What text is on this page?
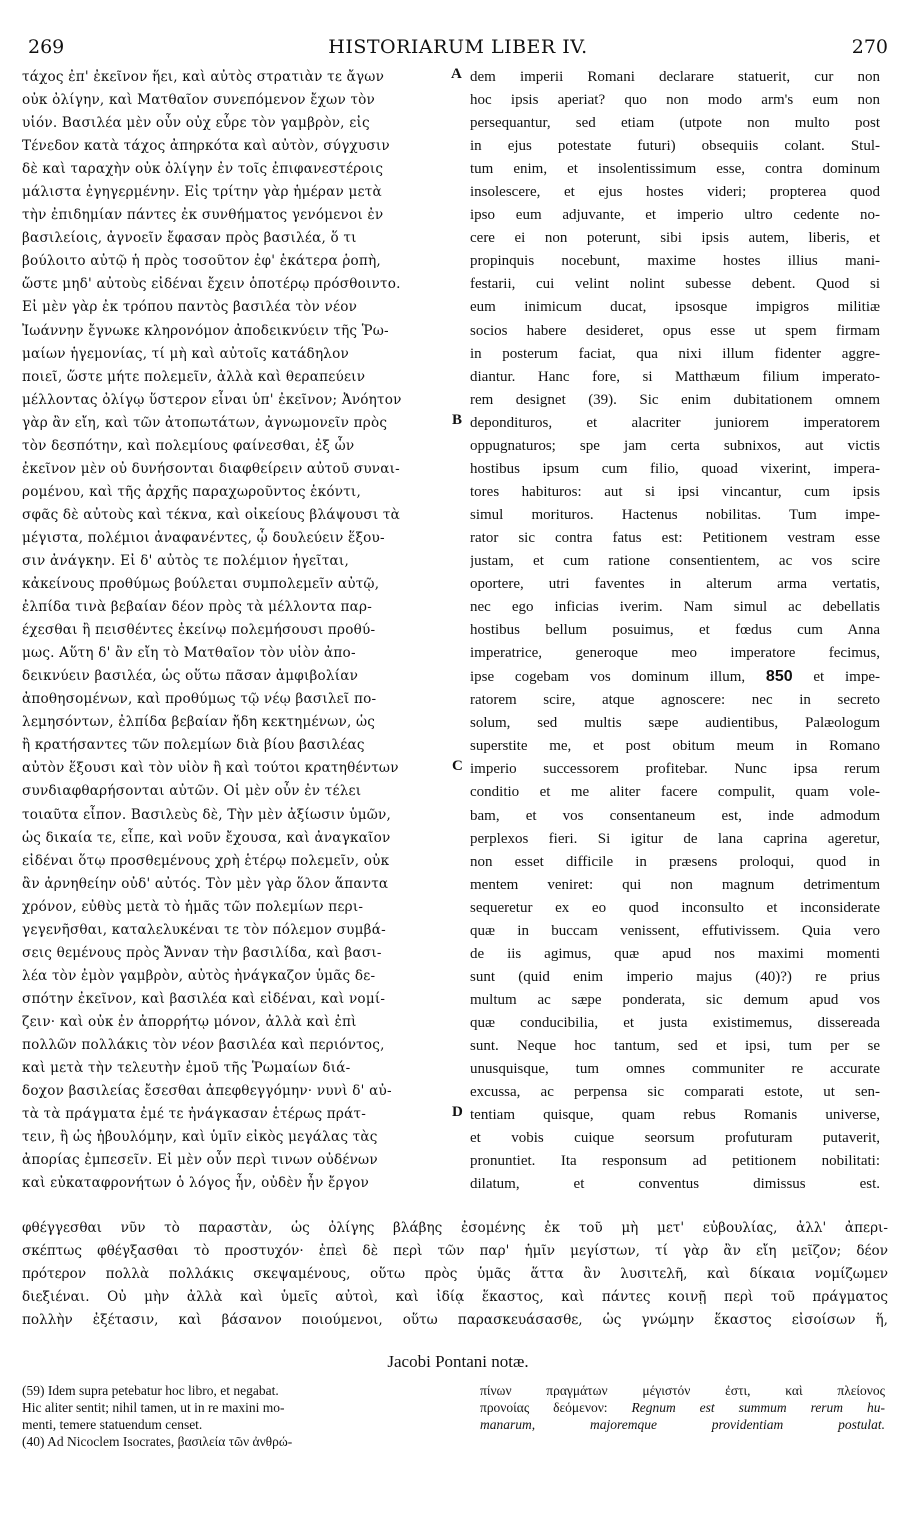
269	HISTORIARUM LIBER IV.	270
τάχος ἐπ' ἐκεῖνον ἥει, καὶ αὐτὸς στρατιὰν τε ἄγων
οὐκ ὀλίγην, καὶ Ματθαῖον συνεπόμενον ἔχων τὸν
υἱόν. Βασιλέα μὲν οὖν οὐχ εὗρε τὸν γαμβρὸν, εἰς
Τένεδον κατὰ τάχος ἀπηρκότα καὶ αὐτὸν, σύγχυσιν
δὲ καὶ ταραχὴν οὐκ ὀλίγην ἐν τοῖς ἐπιφανεστέροις
μάλιστα ἐγηγερμένην. Εἰς τρίτην γὰρ ἡμέραν μετὰ
τὴν ἐπιδημίαν πάντες ἐκ συνθήματος γενόμενοι ἐν
βασιλείοις, ἀγνοεῖν ἔφασαν πρὸς βασιλέα, ὅ τι
βούλοιτο αὐτῷ ἡ πρὸς τοσοῦτον ἐφ' ἑκάτερα ῥοπὴ,
ὥστε μηδ' αὐτοὺς εἰδέναι ἔχειν ὁποτέρῳ πρόσθοιντο.
Εἰ μὲν γὰρ ἐκ τρόπου παντὸς βασιλέα τὸν νέον
Ἰωάννην ἔγνωκε κληρονόμον ἀποδεικνύειν τῆς Ῥω-
μαίων ἡγεμονίας, τί μὴ καὶ αὐτοῖς κατάδηλον
ποιεῖ, ὥστε μήτε πολεμεῖν, ἀλλὰ καὶ θεραπεύειν
μέλλοντας ὀλίγῳ ὕστερον εἶναι ὑπ' ἐκεῖνον; Ἀνόητον
γὰρ ἂν εἴη, καὶ τῶν ἀτοπωτάτων, ἀγνωμονεῖν πρὸς
τὸν δεσπότην, καὶ πολεμίους φαίνεσθαι, ἐξ ὧν
ἐκεῖνον μὲν οὐ δυνήσονται διαφθείρειν αὐτοῦ συναι-
ρομένου, καὶ τῆς ἀρχῆς παραχωροῦντος ἑκόντι,
σφᾶς δὲ αὐτοὺς καὶ τέκνα, καὶ οἰκείους βλάψουσι τὰ
μέγιστα, πολέμιοι ἀναφανέντες, ᾧ δουλεύειν ἕξου-
σιν ἀνάγκην. Εἰ δ' αὐτὸς τε πολέμιον ἡγεῖται,
κἀκείνους προθύμως βούλεται συμπολεμεῖν αὐτῷ,
ἐλπίδα τινὰ βεβαίαν δέον πρὸς τὰ μέλλοντα παρ-
έχεσθαι ἢ πεισθέντες ἐκείνῳ πολεμήσουσι προθύ-
μως. Αὕτη δ' ἂν εἴη τὸ Ματθαῖον τὸν υἱὸν ἀπο-
δεικνύειν βασιλέα, ὡς οὕτω πᾶσαν ἀμφιβολίαν
ἀποθησομένων, καὶ προθύμως τῷ νέῳ βασιλεῖ πο-
λεμησόντων, ἐλπίδα βεβαίαν ἤδη κεκτημένων, ὡς
ἢ κρατήσαντες τῶν πολεμίων διὰ βίου βασιλέας
αὐτὸν ἕξουσι καὶ τὸν υἱὸν ἢ καὶ τούτοι κρατηθέντων
συνδιαφθαρήσονται αὐτῶν. Οἱ μὲν οὖν ἐν τέλει
τοιαῦτα εἶπον. Βασιλεὺς δὲ, Τὴν μὲν ἀξίωσιν ὑμῶν,
ὡς δικαία τε, εἶπε, καὶ νοῦν ἔχουσα, καὶ ἀναγκαῖον
εἰδέναι ὅτῳ προσθεμένους χρὴ ἑτέρῳ πολεμεῖν, οὐκ
ἂν ἀρνηθείην οὐδ' αὐτός. Τὸν μὲν γὰρ ὅλον ἅπαντα
χρόνον, εὐθὺς μετὰ τὸ ἡμᾶς τῶν πολεμίων περι-
γεγενῆσθαι, καταλελυκέναι τε τὸν πόλεμον συμβά-
σεις θεμένους πρὸς Ἄνναν τὴν βασιλίδα, καὶ βασι-
λέα τὸν ἐμὸν γαμβρὸν, αὐτὸς ἠνάγκαζον ὑμᾶς δε-
σπότην ἐκεῖνον, καὶ βασιλέα καὶ εἰδέναι, καὶ νομί-
ζειν· καὶ οὐκ ἐν ἀπορρήτῳ μόνον, ἀλλὰ καὶ ἐπὶ
πολλῶν πολλάκις τὸν νέον βασιλέα καὶ περιόντος,
καὶ μετὰ τὴν τελευτὴν ἐμοῦ τῆς Ῥωμαίων διά-
δοχον βασιλείας ἔσεσθαι ἀπεφθεγγόμην· νυνὶ δ' αὐ-
τὰ τὰ πράγματα ἐμέ τε ἠνάγκασαν ἑτέρως πράτ-
τειν, ἢ ὡς ἠβουλόμην, καὶ ὑμῖν εἰκὸς μεγάλας τὰς
ἀπορίας ἐμπεσεῖν. Εἰ μὲν οὖν περὶ τινων οὐδένων
καὶ εὐκαταφρονήτων ὁ λόγος ἦν, οὐδὲν ἦν ἔργον
A
B
C
D
dem imperii Romani declarare statuerit, cur non
hoc ipsis aperiat? quo non modo arm's eum non
persequantur, sed etiam (utpote non multo post
in ejus potestate futuri) obsequiis colant. Stul-
tum enim, et insolentissimum esse, contra dominum
insolescere, et ejus hostes videri; propterea quod
ipso eum adjuvante, et imperio ultro cedente no-
cere ei non poterunt, sibi ipsis autem, liberis, et
propinquis nocebunt, maxime hostes illius mani-
festarii, cui velint nolint subesse debent. Quod si
eum inimicum ducat, ipsosque impigros militiæ
socios habere desideret, opus esse ut spem firmam
in posterum faciat, qua nixi illum fidenter aggre-
diantur. Hanc fore, si Matthæum filium imperato-
rem designet (39). Sic enim dubitationem omnem
depondituros, et alacriter juniorem imperatorem
oppugnaturos; spe jam certa subnixos, aut victis
hostibus ipsum cum filio, quoad vixerint, impera-
tores habituros: aut si ipsi vincantur, cum ipsis
simul morituros. Hactenus nobilitas. Tum impe-
rator sic contra fatus est: Petitionem vestram esse
justam, et cum ratione consentientem, ac vos scire
oportere, utri faventes in alterum arma vertatis,
nec ego inficias iverim. Nam simul ac debellatis
hostibus bellum posuimus, et fœdus cum Anna
imperatrice, generoque meo imperatore fecimus,
ipse cogebam vos dominum illum, 850 et impe-
ratorem scire, atque agnoscere: nec in secreto
solum, sed multis sæpe audientibus, Palæologum
superstite me, et post obitum meum in Romano
imperio successorem profitebar. Nunc ipsa rerum
conditio et me aliter facere compulit, quam vole-
bam, et vos consentaneum est, inde admodum
perplexos fieri. Si igitur de lana caprina ageretur,
non esset difficile in præsens proloqui, quod in
mentem veniret: qui non magnum detrimentum
sequeretur ex eo quod inconsulto et inconsiderate
quæ in buccam venissent, effutivissem. Quia vero
de iis agimus, quæ apud nos maximi momenti
sunt (quid enim imperio majus (40)?) re prius
multum ac sæpe ponderata, sic demum apud vos
quæ conducibilia, et justa existimemus, dissereada
sunt. Neque hoc tantum, sed et ipsi, tum per se
unusquisque, tum omnes communiter re accurate
excussa, ac perpensa sic comparati estote, ut sen-
tentiam quisque, quam rebus Romanis universe,
et vobis cuique seorsum profuturam putaverit,
pronuntiet. Ita responsum ad petitionem nobilitati:
dilatum, et conventus dimissus est.
φθέγγεσθαι νῦν τὸ παραστὰν, ὡς ὀλίγης βλάβης ἐσομένης ἐκ τοῦ μὴ μετ' εὐβουλίας, ἀλλ' ἀπερι-
σκέπτως φθέγξασθαι τὸ προστυχόν· ἐπεὶ δὲ περὶ τῶν παρ' ἡμῖν μεγίστων, τί γὰρ ἂν εἴη μεῖζον; δέον
πρότερον πολλὰ πολλάκις σκεψαμένους, οὕτω πρὸς ὑμᾶς ἅττα ἂν λυσιτελῆ, καὶ δίκαια νομίζωμεν
διεξιέναι. Οὐ μὴν ἀλλὰ καὶ ὑμεῖς αὐτοὶ, καὶ ἰδίᾳ ἕκαστος, καὶ πάντες κοινῇ περὶ τοῦ πράγματος
πολλὴν ἐξέτασιν, καὶ βάσανον ποιούμενοι, οὕτω παρασκευάσασθε, ὡς γνώμην ἕκαστος εἰσοίσων ἥ,
Jacobi Pontani notæ.
(59) Idem supra petebatur hoc libro, et negabat.
Hic aliter sentit; nihil tamen, ut in re maxini mo-
menti, temere statuendum censet.
(40) Ad Nicoclem Isocrates, βασιλεία τῶν ἀνθρώ-
πίνων πραγμάτων μέγιστόν ἐστι, καὶ πλείονος
προνοίας δεόμενον: Regnum est summum rerum hu-
manarum, majoremque providentiam postulat.
